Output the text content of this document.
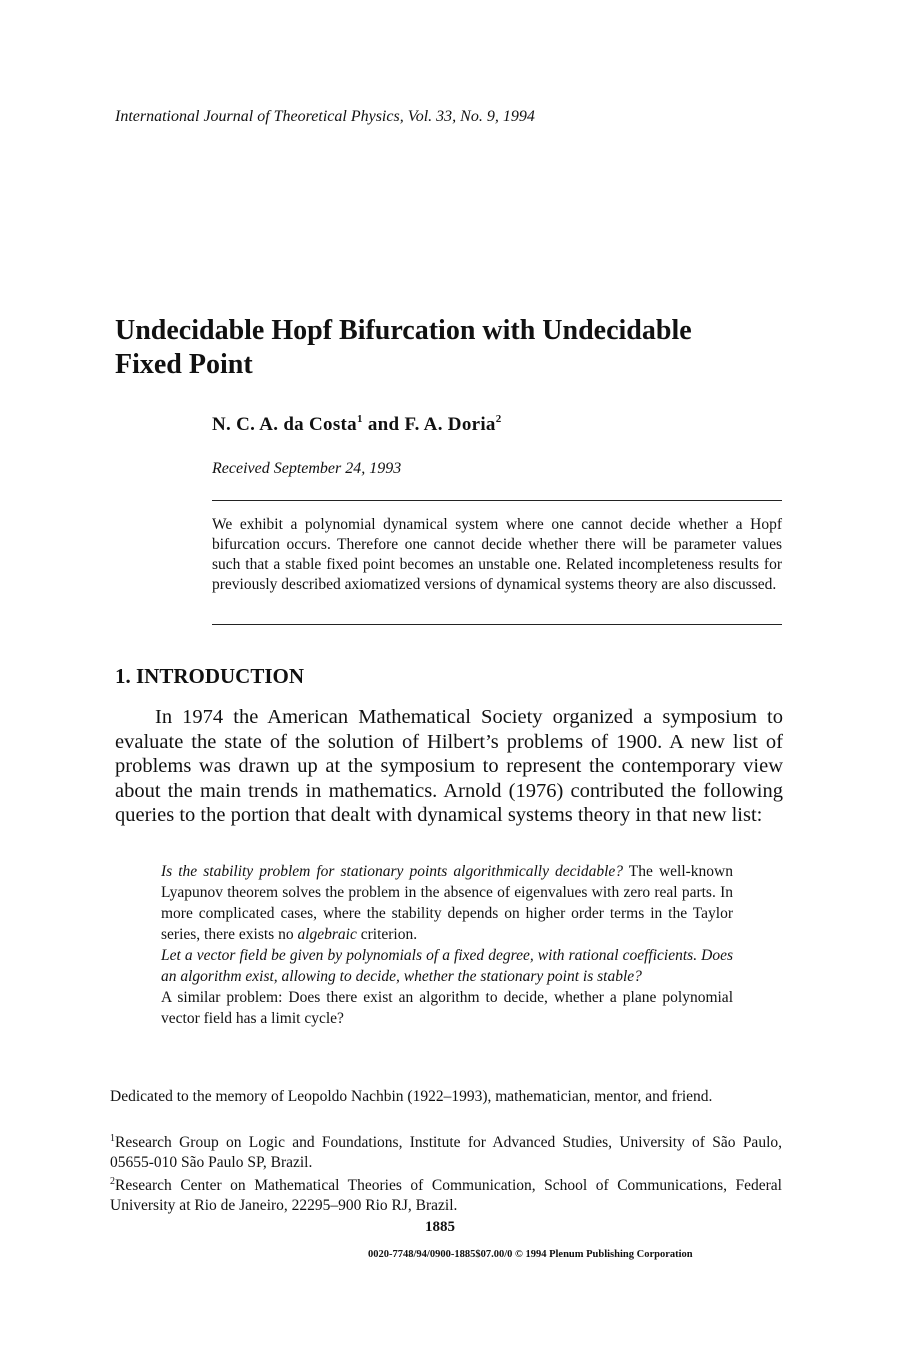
International Journal of Theoretical Physics, Vol. 33, No. 9, 1994
Undecidable Hopf Bifurcation with Undecidable
Fixed Point
N. C. A. da Costa$^1$ and F. A. Doria$^2$
Received September 24, 1993
We exhibit a polynomial dynamical system where one cannot decide whether a Hopf bifurcation occurs. Therefore one cannot decide whether there will be parameter values such that a stable fixed point becomes an unstable one. Related incompleteness results for previously described axiomatized versions of dynamical systems theory are also discussed.
1. INTRODUCTION

In 1974 the American Mathematical Society organized a symposium to evaluate the state of the solution of Hilbert’s problems of 1900. A new list of problems was drawn up at the symposium to represent the contemporary view about the main trends in mathematics. Arnold (1976) contributed the following queries to the portion that dealt with dynamical systems theory in that new list:

Is the stability problem for stationary points algorithmically decidable? The well-known Lyapunov theorem solves the problem in the absence of eigenvalues with zero real parts. In more complicated cases, where the stability depends on higher order terms in the Taylor series, there exists no algebraic criterion.

Let a vector field be given by polynomials of a fixed degree, with rational coefficients. Does an algorithm exist, allowing to decide, whether the stationary point is stable?

A similar problem: Does there exist an algorithm to decide, whether a plane polynomial vector field has a limit cycle?

Dedicated to the memory of Leopoldo Nachbin (1922–1993), mathematician, mentor, and friend.
$^1$Research Group on Logic and Foundations, Institute for Advanced Studies, University of São Paulo, 05655-010 São Paulo SP, Brazil.
$^2$Research Center on Mathematical Theories of Communication, School of Communications, Federal University at Rio de Janeiro, 22295–900 Rio RJ, Brazil.
1885
0020-7748/94/0900-1885$07.00/0 © 1994 Plenum Publishing Corporation
